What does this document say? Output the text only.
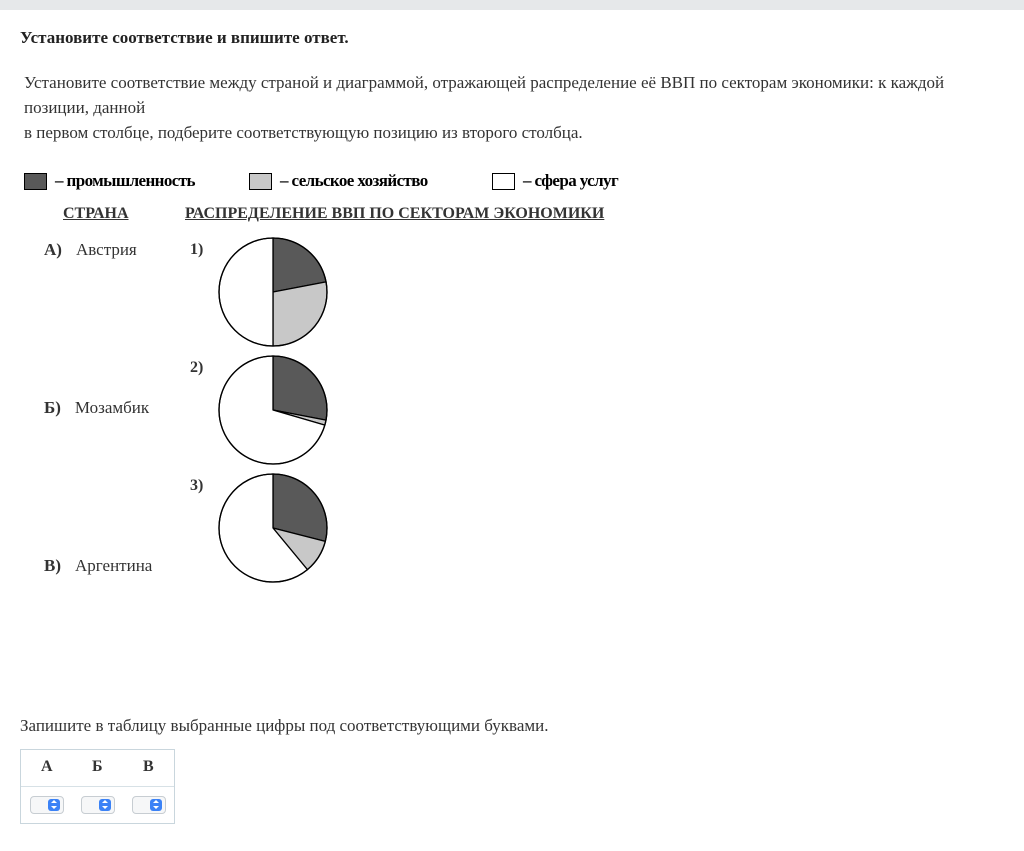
Установите соответствие и впишите ответ.
Установите соответствие между страной и диаграммой, отражающей распределение её ВВП по секторам экономики: к каждой
позиции, данной
в первом столбце, подберите соответствующую позицию из второго столбца.
– промышленность	– сельское хозяйство	– сфера услуг
СТРАНА	РАСПРЕДЕЛЕНИЕ ВВП ПО СЕКТОРАМ ЭКОНОМИКИ
А) Австрия
Б) Мозамбик
В) Аргентина
1)
2)
3)
Запишите в таблицу выбранные цифры под соответствующими буквами.
А Б	В
